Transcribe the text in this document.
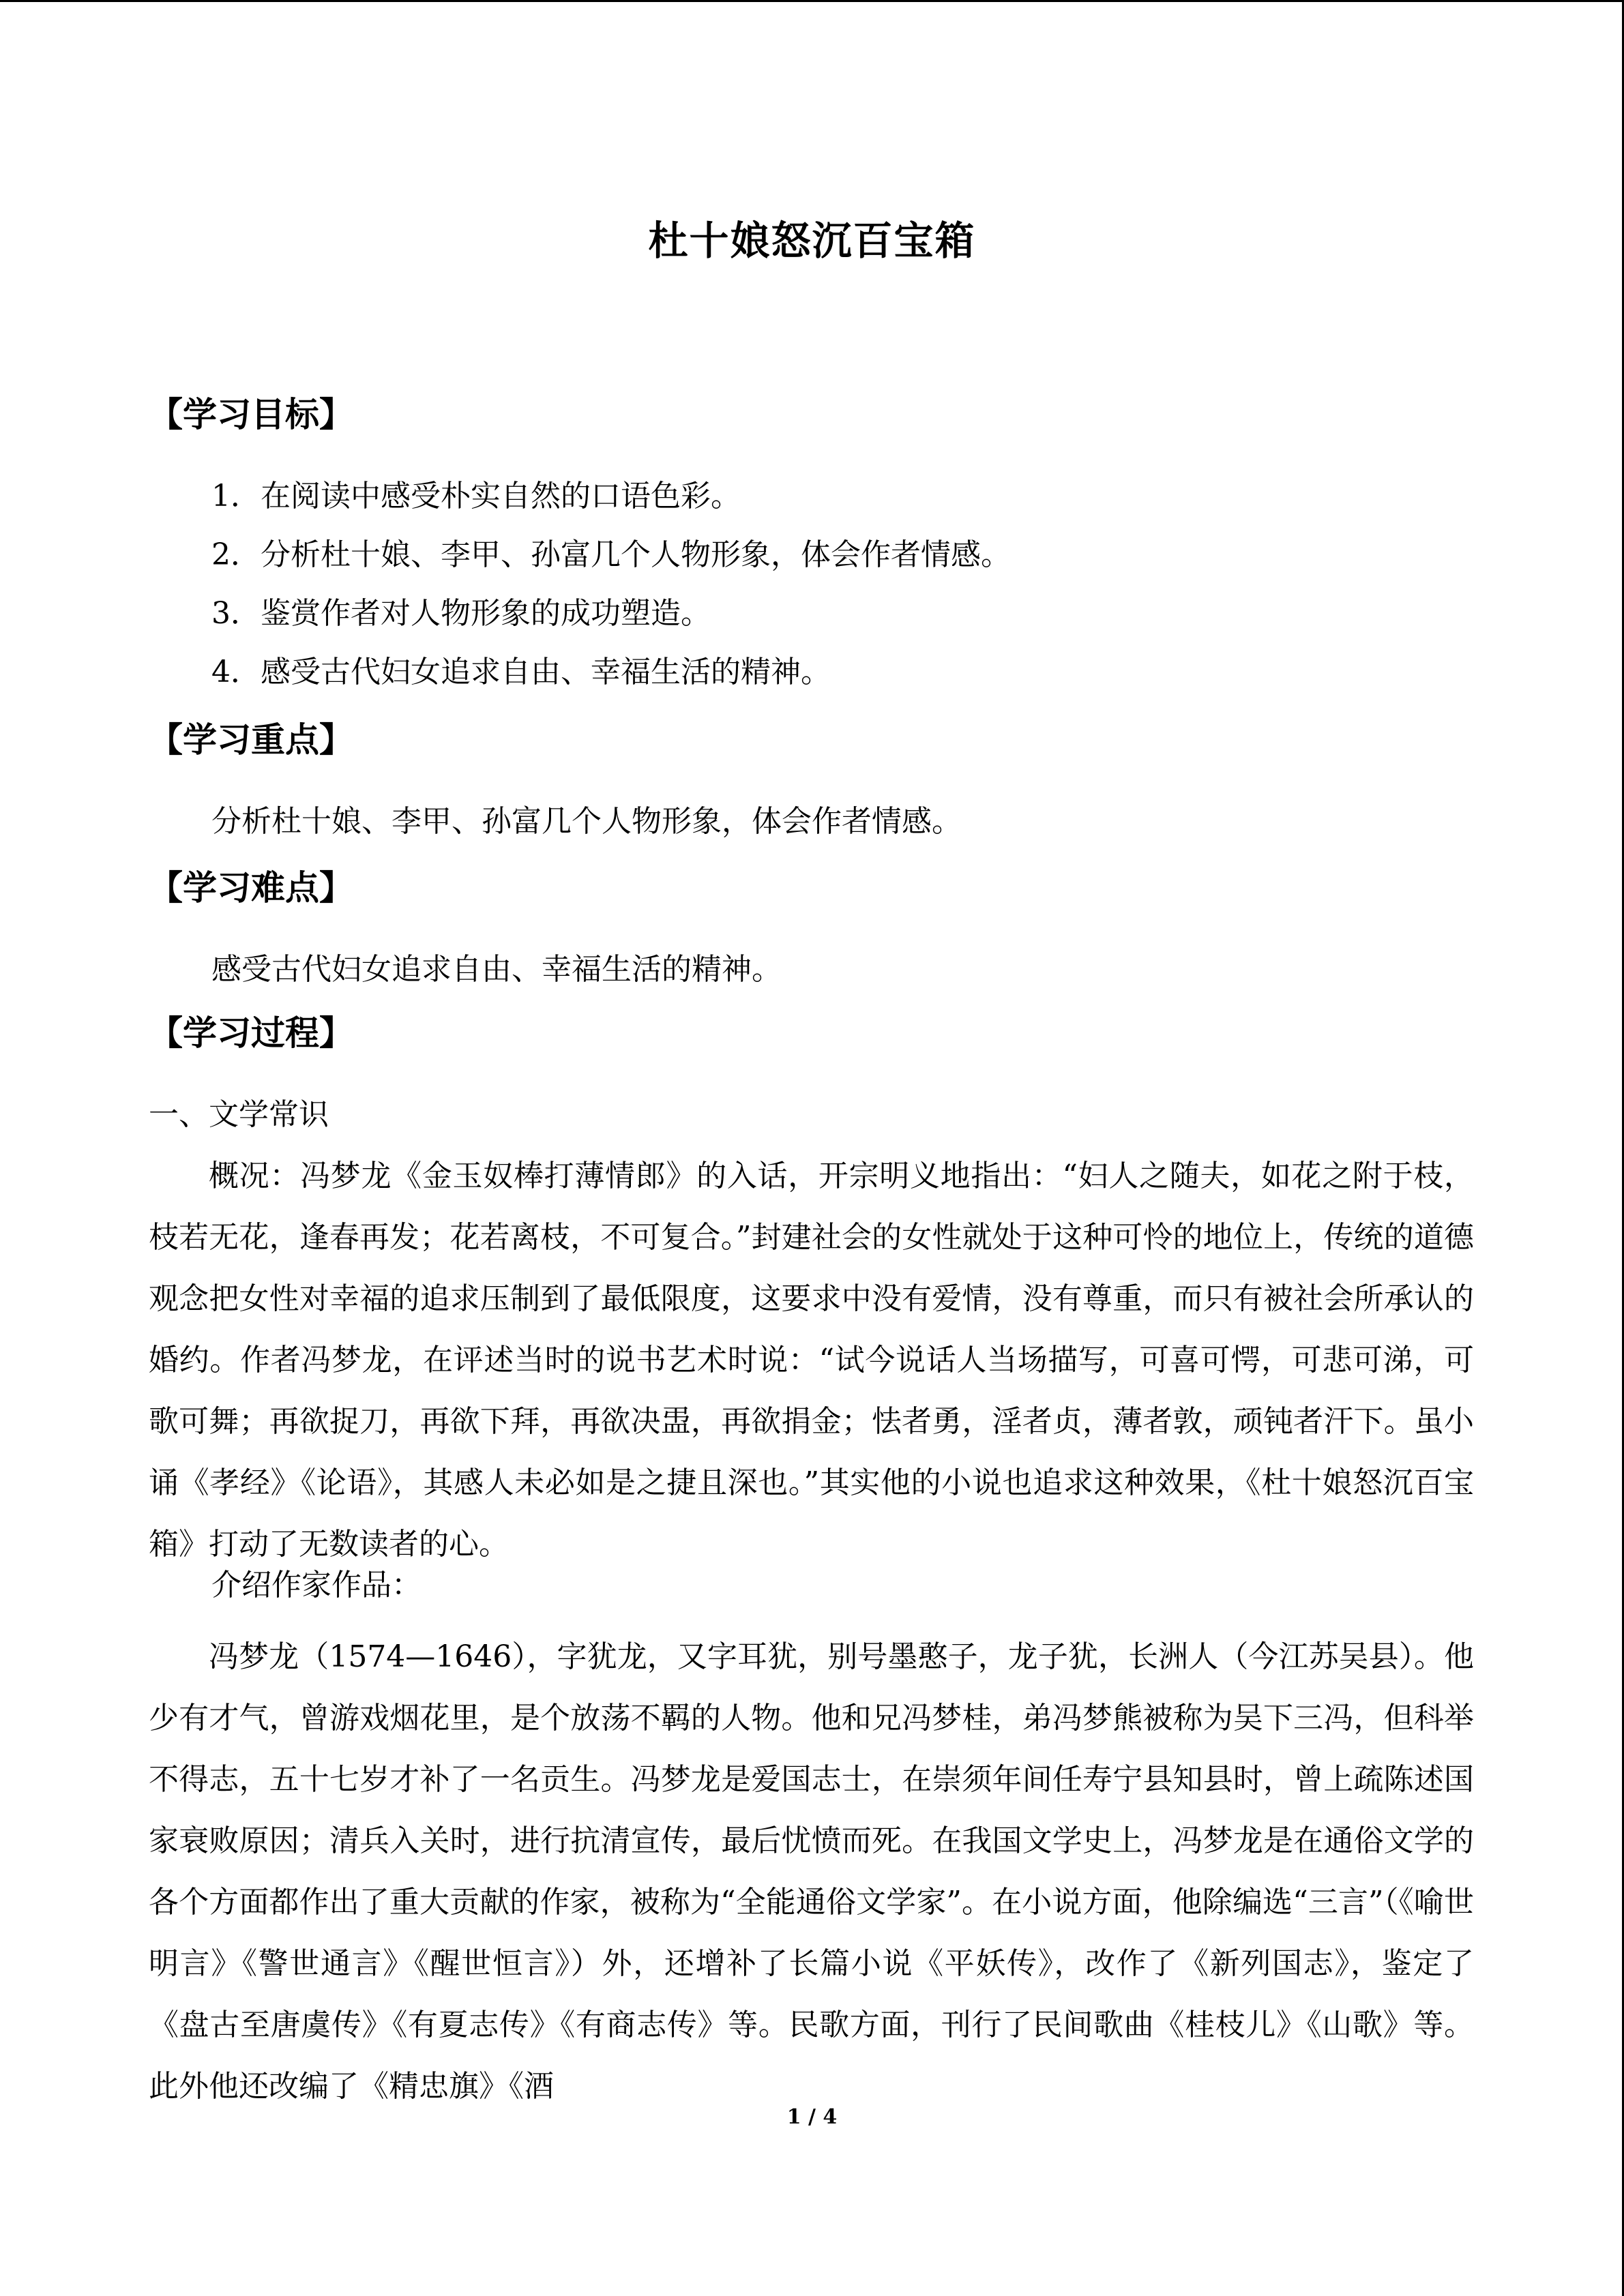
杜十娘怒沉百宝箱
【学习目标】
1．在阅读中感受朴实自然的口语色彩。
2．分析杜十娘、李甲、孙富几个人物形象，体会作者情感。
3．鉴赏作者对人物形象的成功塑造。
4．感受古代妇女追求自由、幸福生活的精神。
【学习重点】
分析杜十娘、李甲、孙富几个人物形象，体会作者情感。
【学习难点】
感受古代妇女追求自由、幸福生活的精神。
【学习过程】
一、文学常识

概况：冯梦龙《金玉奴棒打薄情郎》的入话，开宗明义地指出：“妇人之随夫，如花之附于枝，枝若无花，逢春再发；花若离枝，不可复合。”封建社会的女性就处于这种可怜的地位上，传统的道德观念把女性对幸福的追求压制到了最低限度，这要求中没有爱情，没有尊重，而只有被社会所承认的婚约。作者冯梦龙，在评述当时的说书艺术时说：“试今说话人当场描写，可喜可愕，可悲可涕，可歌可舞；再欲捉刀，再欲下拜，再欲决盄，再欲捐金；怯者勇，淫者贞，薄者敦，顽钝者汗下。虽小诵《孝经》《论语》，其感人未必如是之捷且深也。”其实他的小说也追求这种效果，《杜十娘怒沉百宝箱》打动了无数读者的心。

介绍作家作品：

冯梦龙（1574—1646），字犹龙，又字耳犹，别号墨憨子，龙子犹，长洲人（今江苏吴县）。他少有才气，曾游戏烟花里，是个放荡不羁的人物。他和兄冯梦桂，弟冯梦熊被称为吴下三冯，但科举不得志，五十七岁才补了一名贡生。冯梦龙是爱国志士，在崇须年间任寿宁县知县时，曾上疏陈述国家衰败原因；清兵入关时，进行抗清宣传，最后忧愤而死。在我国文学史上，冯梦龙是在通俗文学的各个方面都作出了重大贡献的作家，被称为“全能通俗文学家”。在小说方面，他除编选“三言”（《喻世明言》《警世通言》《醒世恒言》）外，还增补了长篇小说《平妖传》，改作了《新列国志》，鉴定了《盘古至唐虞传》《有夏志传》《有商志传》等。民歌方面，刊行了民间歌曲《桂枝儿》《山歌》等。此外他还改编了《精忠旗》《酒

1 / 4
